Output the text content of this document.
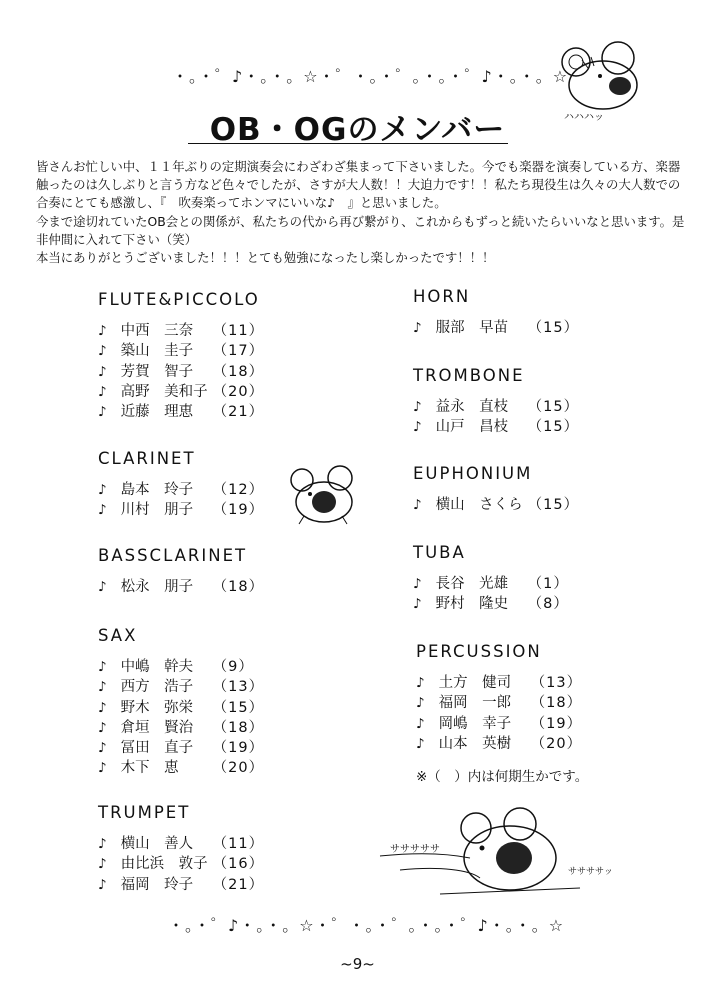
・。・゜♪・。・。☆・゜・。・゜。・。・゜♪・。・。☆
ハハハッ
OB・OGのメンバー

皆さんお忙しい中、１１年ぶりの定期演奏会にわざわざ集まって下さいました。今でも楽器を演奏している方、楽器触ったのは久しぶりと言う方など色々でしたが、さすが大人数！！大迫力です！！私たち現役生は久々の大人数での合奏にとても感激し、『　吹奏楽ってホンマにいいな♪　』と思いました。

今まで途切れていたOB会との関係が、私たちの代から再び繋がり、これからもずっと続いたらいいなと思います。是非仲間に入れて下さい（笑）

本当にありがとうございました！！！とても勉強になったし楽しかったです！！！

FLUTE&PICCOLO
♪ 中西　三奈	（11）
♪ 築山　圭子	（17）
♪ 芳賀　智子	（18）
♪ 高野　美和子 （20）
♪ 近藤　理恵	（21）
CLARINET
♪ 島本　玲子	（12）
♪ 川村　朋子	（19）
BASSCLARINET
♪ 松永　朋子	（18）
SAX
♪ 中嶋　幹夫	（9）
♪ 西方　浩子	（13）
♪ 野木　弥栄	（15）
♪ 倉垣　賢治	（18）
♪ 冨田　直子	（19）
♪ 木下　恵	（20）
TRUMPET
♪ 横山　善人	（11）
♪ 由比浜　敦子 （16）
♪ 福岡　玲子	（21）
HORN
♪ 服部　早苗	（15）
TROMBONE
♪ 益永　直枝	（15）
♪ 山戸　昌枝	（15）
EUPHONIUM
♪ 横山　さくら （15）
TUBA
♪ 長谷　光雄	（1）
♪ 野村　隆史	（8）
PERCUSSION
♪ 土方　健司	（13）
♪ 福岡　一郎	（18）
♪ 岡嶋　幸子	（19）
♪ 山本　英樹	（20）
※（　）内は何期生かです。
サササササ
ササササッ
・。・゜♪・。・。☆・゜・。・゜。・。・゜♪・。・。☆
~9~
